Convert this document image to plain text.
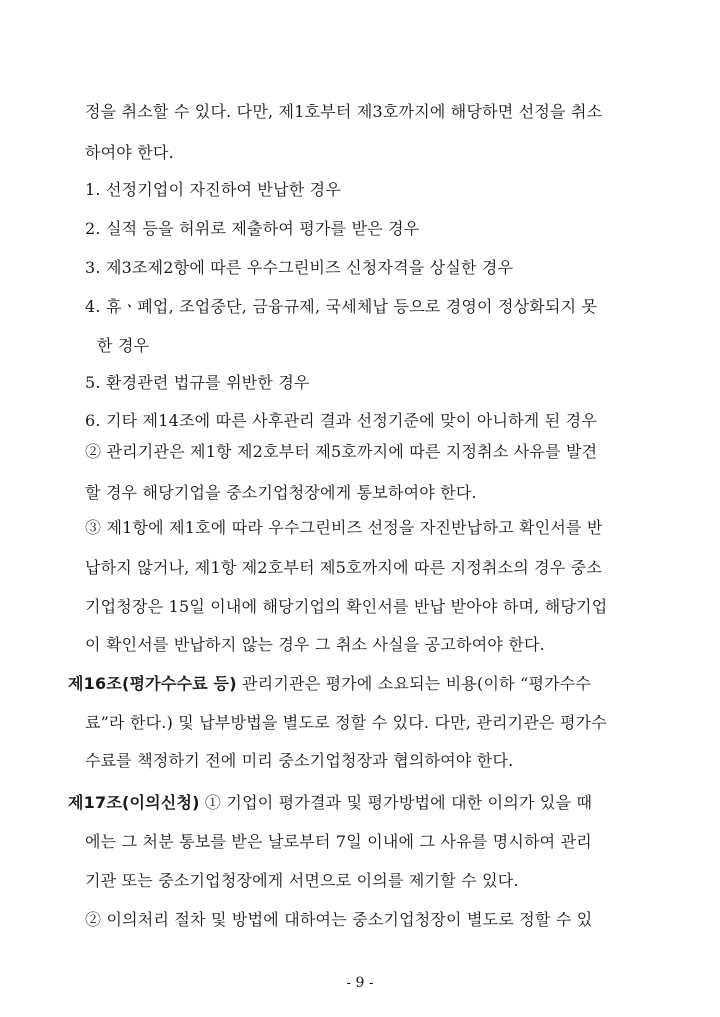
정을 취소할 수 있다. 다만, 제1호부터 제3호까지에 해당하면 선정을 취소
하여야 한다.
1. 선정기업이 자진하여 반납한 경우
2. 실적 등을 허위로 제출하여 평가를 받은 경우
3. 제3조제2항에 따른 우수그린비즈 신청자격을 상실한 경우
4. 휴ㆍ폐업, 조업중단, 금융규제, 국세체납 등으로 경영이 정상화되지 못
한 경우
5. 환경관련 법규를 위반한 경우
6. 기타 제14조에 따른 사후관리 결과 선정기준에 맞이 아니하게 된 경우
② 관리기관은 제1항 제2호부터 제5호까지에 따른 지정취소 사유를 발견
할 경우 해당기업을 중소기업청장에게 통보하여야 한다.
③ 제1항에 제1호에 따라 우수그린비즈 선정을 자진반납하고 확인서를 반
납하지 않거나, 제1항 제2호부터 제5호까지에 따른 지정취소의 경우 중소
기업청장은 15일 이내에 해당기업의 확인서를 반납 받아야 하며, 해당기업
이 확인서를 반납하지 않는 경우 그 취소 사실을 공고하여야 한다.
제16조(평가수수료 등) 관리기관은 평가에 소요되는 비용(이하 “평가수수
료”라 한다.) 및 납부방법을 별도로 정할 수 있다. 다만, 관리기관은 평가수
수료를 책정하기 전에 미리 중소기업청장과 협의하여야 한다.
제17조(이의신청) ① 기업이 평가결과 및 평가방법에 대한 이의가 있을 때
에는 그 처분 통보를 받은 날로부터 7일 이내에 그 사유를 명시하여 관리
기관 또는 중소기업청장에게 서면으로 이의를 제기할 수 있다.
② 이의처리 절차 및 방법에 대하여는 중소기업청장이 별도로 정할 수 있
- 9 -
